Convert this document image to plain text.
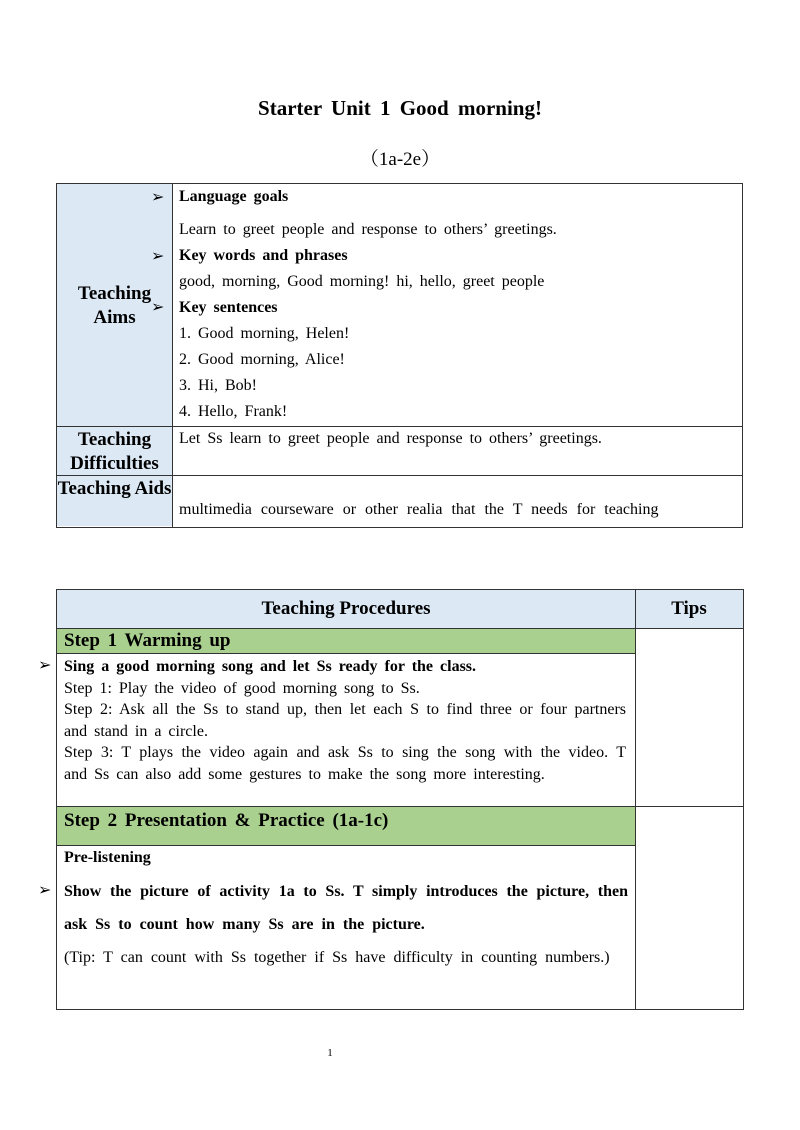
Starter Unit 1 Good morning!
（1a-2e）
Teaching Aims
Teaching Difficulties
Teaching Aids
➢
➢
➢
Language goals
Learn to greet people and response to others’ greetings.
Key words and phrases
good, morning, Good morning! hi, hello, greet people
Key sentences
1. Good morning, Helen!
2. Good morning, Alice!
3. Hi, Bob!
4. Hello, Frank!
Let Ss learn to greet people and response to others’ greetings.
multimedia courseware or other realia that the T needs for teaching
Teaching Procedures	Tips
Step 1 Warming up
Sing a good morning song and let Ss ready for the class.
Step 1: Play the video of good morning song to Ss.
Step 2: Ask all the Ss to stand up, then let each S to find three or four partners and stand in a circle.
Step 3: T plays the video again and ask Ss to sing the song with the video. T and Ss can also add some gestures to make the song more interesting.
Step 2 Presentation & Practice (1a-1c)
Pre-listening
Show the picture of activity 1a to Ss. T simply introduces the picture, then ask Ss to count how many Ss are in the picture.
(Tip: T can count with Ss together if Ss have difficulty in counting numbers.)
➢
➢
1
